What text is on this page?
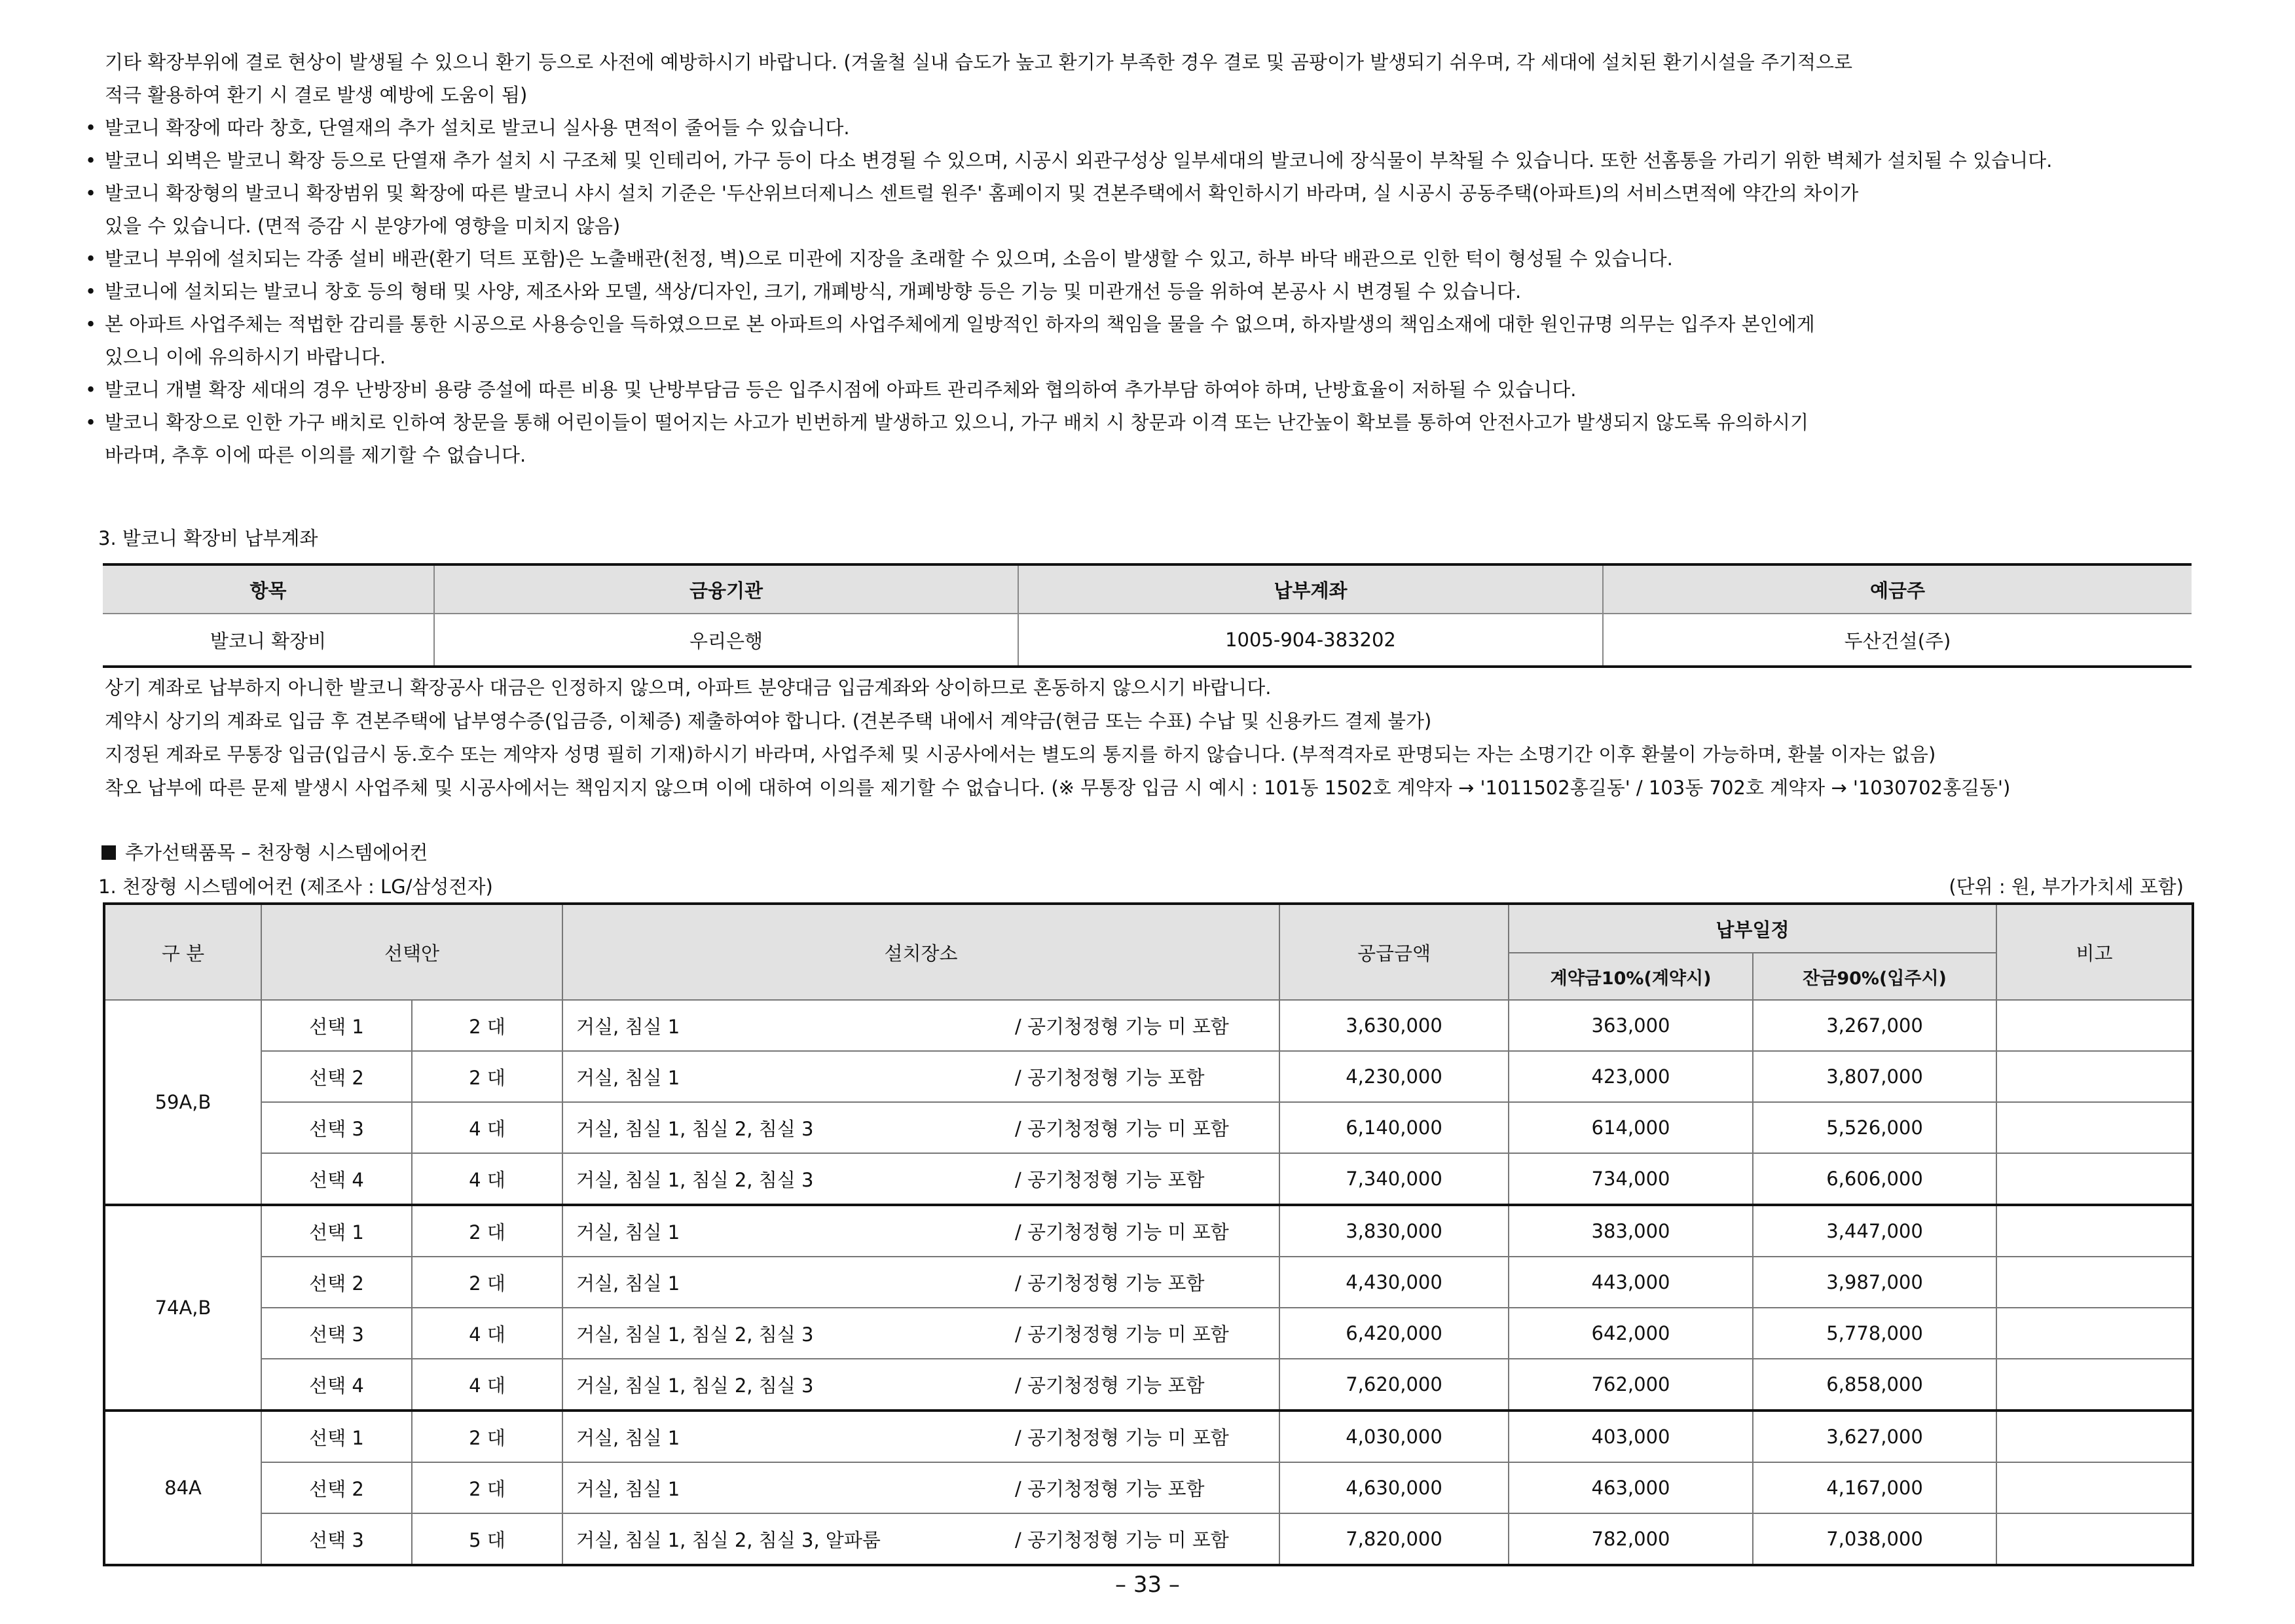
기타 확장부위에 결로 현상이 발생될 수 있으니 환기 등으로 사전에 예방하시기 바랍니다. (겨울철 실내 습도가 높고 환기가 부족한 경우 결로 및 곰팡이가 발생되기 쉬우며, 각 세대에 설치된 환기시설을 주기적으로
적극 활용하여 환기 시 결로 발생 예방에 도움이 됨)
• 발코니 확장에 따라 창호, 단열재의 추가 설치로 발코니 실사용 면적이 줄어들 수 있습니다.
• 발코니 외벽은 발코니 확장 등으로 단열재 추가 설치 시 구조체 및 인테리어, 가구 등이 다소 변경될 수 있으며, 시공시 외관구성상 일부세대의 발코니에 장식물이 부착될 수 있습니다. 또한 선홈통을 가리기 위한 벽체가 설치될 수 있습니다.
• 발코니 확장형의 발코니 확장범위 및 확장에 따른 발코니 샤시 설치 기준은 '두산위브더제니스 센트럴 원주' 홈페이지 및 견본주택에서 확인하시기 바라며, 실 시공시 공동주택(아파트)의 서비스면적에 약간의 차이가
있을 수 있습니다. (면적 증감 시 분양가에 영향을 미치지 않음)
• 발코니 부위에 설치되는 각종 설비 배관(환기 덕트 포함)은 노출배관(천정, 벽)으로 미관에 지장을 초래할 수 있으며, 소음이 발생할 수 있고, 하부 바닥 배관으로 인한 턱이 형성될 수 있습니다.
• 발코니에 설치되는 발코니 창호 등의 형태 및 사양, 제조사와 모델, 색상/디자인, 크기, 개폐방식, 개폐방향 등은 기능 및 미관개선 등을 위하여 본공사 시 변경될 수 있습니다.
• 본 아파트 사업주체는 적법한 감리를 통한 시공으로 사용승인을 득하였으므로 본 아파트의 사업주체에게 일방적인 하자의 책임을 물을 수 없으며, 하자발생의 책임소재에 대한 원인규명 의무는 입주자 본인에게
있으니 이에 유의하시기 바랍니다.
• 발코니 개별 확장 세대의 경우 난방장비 용량 증설에 따른 비용 및 난방부담금 등은 입주시점에 아파트 관리주체와 협의하여 추가부담 하여야 하며, 난방효율이 저하될 수 있습니다.
• 발코니 확장으로 인한 가구 배치로 인하여 창문을 통해 어린이들이 떨어지는 사고가 빈번하게 발생하고 있으니, 가구 배치 시 창문과 이격 또는 난간높이 확보를 통하여 안전사고가 발생되지 않도록 유의하시기
바라며, 추후 이에 따른 이의를 제기할 수 없습니다.
3. 발코니 확장비 납부계좌
항목	금융기관	납부계좌	예금주
발코니 확장비	우리은행	1005-904-383202	두산건설(주)
상기 계좌로 납부하지 아니한 발코니 확장공사 대금은 인정하지 않으며, 아파트 분양대금 입금계좌와 상이하므로 혼동하지 않으시기 바랍니다.
계약시 상기의 계좌로 입금 후 견본주택에 납부영수증(입금증, 이체증) 제출하여야 합니다. (견본주택 내에서 계약금(현금 또는 수표) 수납 및 신용카드 결제 불가)
지정된 계좌로 무통장 입금(입금시 동.호수 또는 계약자 성명 필히 기재)하시기 바라며, 사업주체 및 시공사에서는 별도의 통지를 하지 않습니다. (부적격자로 판명되는 자는 소명기간 이후 환불이 가능하며, 환불 이자는 없음)
착오 납부에 따른 문제 발생시 사업주체 및 시공사에서는 책임지지 않으며 이에 대하여 이의를 제기할 수 없습니다. (※ 무통장 입금 시 예시 : 101동 1502호 계약자 → '1011502홍길동' / 103동 702호 계약자 → '1030702홍길동')
추가선택품목 – 천장형 시스템에어컨
1. 천장형 시스템에어컨 (제조사 : LG/삼성전자)	(단위 : 원, 부가가치세 포함)
구 분	선택안		설치장소	공급금액	납부일정		비고
					계약금10%(계약시)	잔금90%(입주시)	
59A,B	선택 1	2 대	거실, 침실 1 / 공기청정형 기능 미 포함	3,630,000	363,000	3,267,000	
	선택 2	2 대	거실, 침실 1 / 공기청정형 기능 포함	4,230,000	423,000	3,807,000	
	선택 3	4 대	거실, 침실 1, 침실 2, 침실 3 / 공기청정형 기능 미 포함	6,140,000	614,000	5,526,000	
	선택 4	4 대	거실, 침실 1, 침실 2, 침실 3 / 공기청정형 기능 포함	7,340,000	734,000	6,606,000	
74A,B	선택 1	2 대	거실, 침실 1 / 공기청정형 기능 미 포함	3,830,000	383,000	3,447,000	
	선택 2	2 대	거실, 침실 1 / 공기청정형 기능 포함	4,430,000	443,000	3,987,000	
	선택 3	4 대	거실, 침실 1, 침실 2, 침실 3 / 공기청정형 기능 미 포함	6,420,000	642,000	5,778,000	
	선택 4	4 대	거실, 침실 1, 침실 2, 침실 3 / 공기청정형 기능 포함	7,620,000	762,000	6,858,000	
84A	선택 1	2 대	거실, 침실 1 / 공기청정형 기능 미 포함	4,030,000	403,000	3,627,000	
	선택 2	2 대	거실, 침실 1 / 공기청정형 기능 포함	4,630,000	463,000	4,167,000	
	선택 3	5 대	거실, 침실 1, 침실 2, 침실 3, 알파룸 / 공기청정형 기능 미 포함	7,820,000	782,000	7,038,000	
– 33 –
